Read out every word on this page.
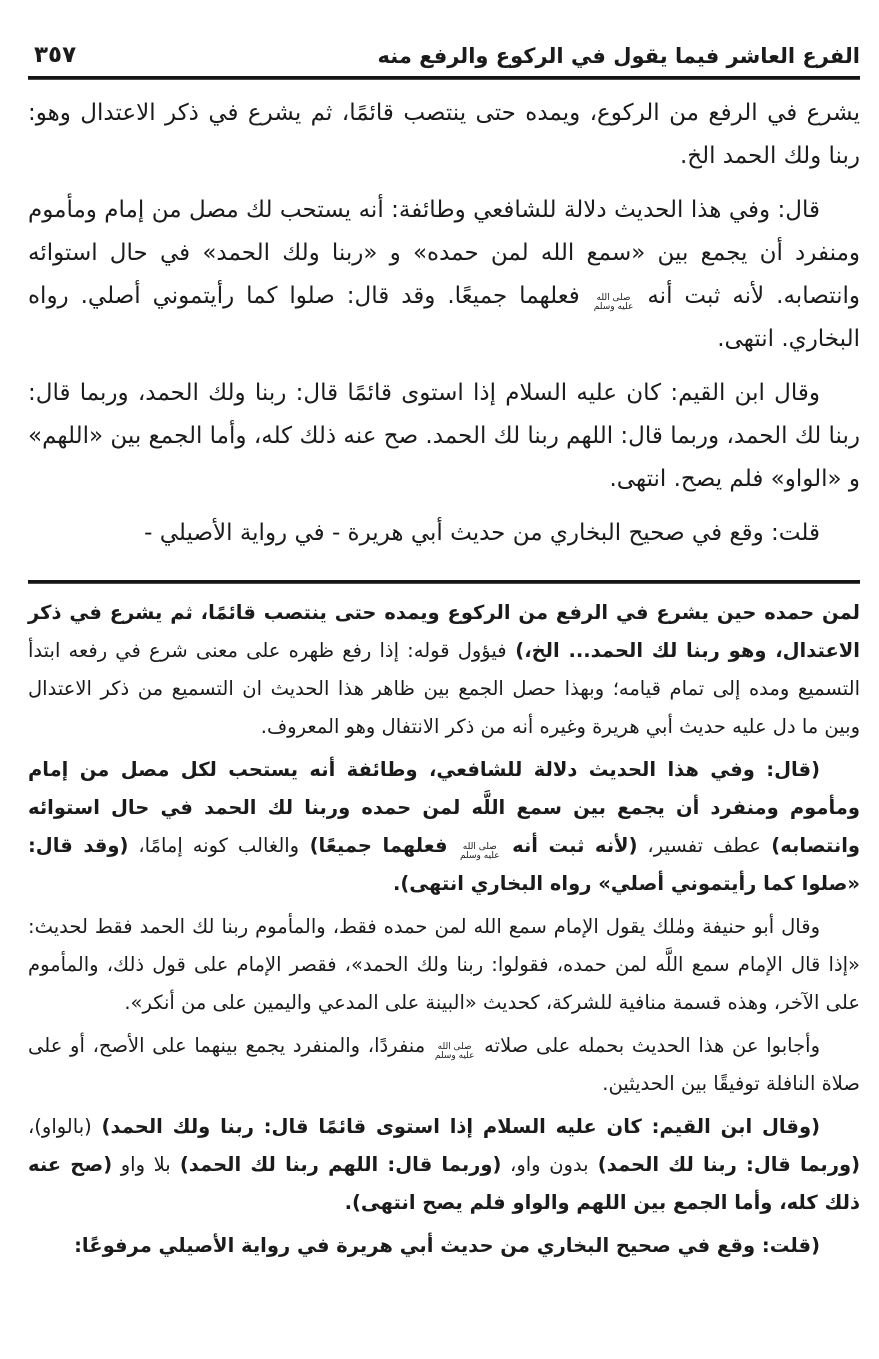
الفرع العاشر فيما يقول في الركوع والرفع منه
٣٥٧

يشرع في الرفع من الركوع، ويمده حتى ينتصب قائمًا، ثم يشرع في ذكر الاعتدال وهو: ربنا ولك الحمد الخ.

قال: وفي هذا الحديث دلالة للشافعي وطائفة: أنه يستحب لك مصل من إمام ومأموم ومنفرد أن يجمع بين «سمع الله لمن حمده» و «ربنا ولك الحمد» في حال استوائه وانتصابه. لأنه ثبت أنه
صلى الله
عليه وسلم
فعلهما جميعًا. وقد قال: صلوا كما رأيتموني أصلي. رواه البخاري. انتهى.

وقال ابن القيم: كان عليه السلام إذا استوى قائمًا قال: ربنا ولك الحمد، وربما قال: ربنا لك الحمد، وربما قال: اللهم ربنا لك الحمد. صح عنه ذلك كله، وأما الجمع بين «اللهم» و «الواو» فلم يصح. انتهى.

قلت: وقع في صحيح البخاري من حديث أبي هريرة - في رواية الأصيلي -

لمن حمده حين يشرع في الرفع من الركوع ويمده حتى ينتصب قائمًا، ثم يشرع في ذكر الاعتدال، وهو ربنا لك الحمد... الخ،) فيؤول قوله: إذا رفع ظهره على معنى شرع في رفعه ابتدأ التسميع ومده إلى تمام قيامه؛ وبهذا حصل الجمع بين ظاهر هذا الحديث ان التسميع من ذكر الاعتدال وبين ما دل عليه حديث أبي هريرة وغيره أنه من ذكر الانتفال وهو المعروف.

(قال: وفي هذا الحديث دلالة للشافعي، وطائفة أنه يستحب لكل مصل من إمام ومأموم ومنفرد أن يجمع بين سمع اللَّه لمن حمده وربنا لك الحمد في حال استوائه وانتصابه) عطف تفسير، (لأنه ثبت أنه
صلى الله
عليه وسلم
فعلهما جميعًا) والغالب كونه إمامًا، (وقد قال: «صلوا كما رأيتموني أصلي» رواه البخاري انتهى).

وقال أبو حنيفة ومٰلك يقول الإمام سمع الله لمن حمده فقط، والمأموم ربنا لك الحمد فقط لحديث: «إذا قال الإمام سمع اللَّه لمن حمده، فقولوا: ربنا ولك الحمد»، فقصر الإمام على قول ذلك، والمأموم على الآخر، وهذه قسمة منافية للشركة، كحديث «البينة على المدعي واليمين على من أنكر».

وأجابوا عن هذا الحديث بحمله على صلاته
صلى الله
عليه وسلم
منفردًا، والمنفرد يجمع بينهما على الأصح، أو على صلاة النافلة توفيقًا بين الحديثين.

(وقال ابن القيم: كان عليه السلام إذا استوى قائمًا قال: ربنا ولك الحمد) (بالواو)، (وربما قال: ربنا لك الحمد) بدون واو، (وربما قال: اللهم ربنا لك الحمد) بلا واو (صح عنه ذلك كله، وأما الجمع بين اللهم والواو فلم يصح انتهى).

(قلت: وقع في صحيح البخاري من حديث أبي هريرة في رواية الأصيلي مرفوعًا:
